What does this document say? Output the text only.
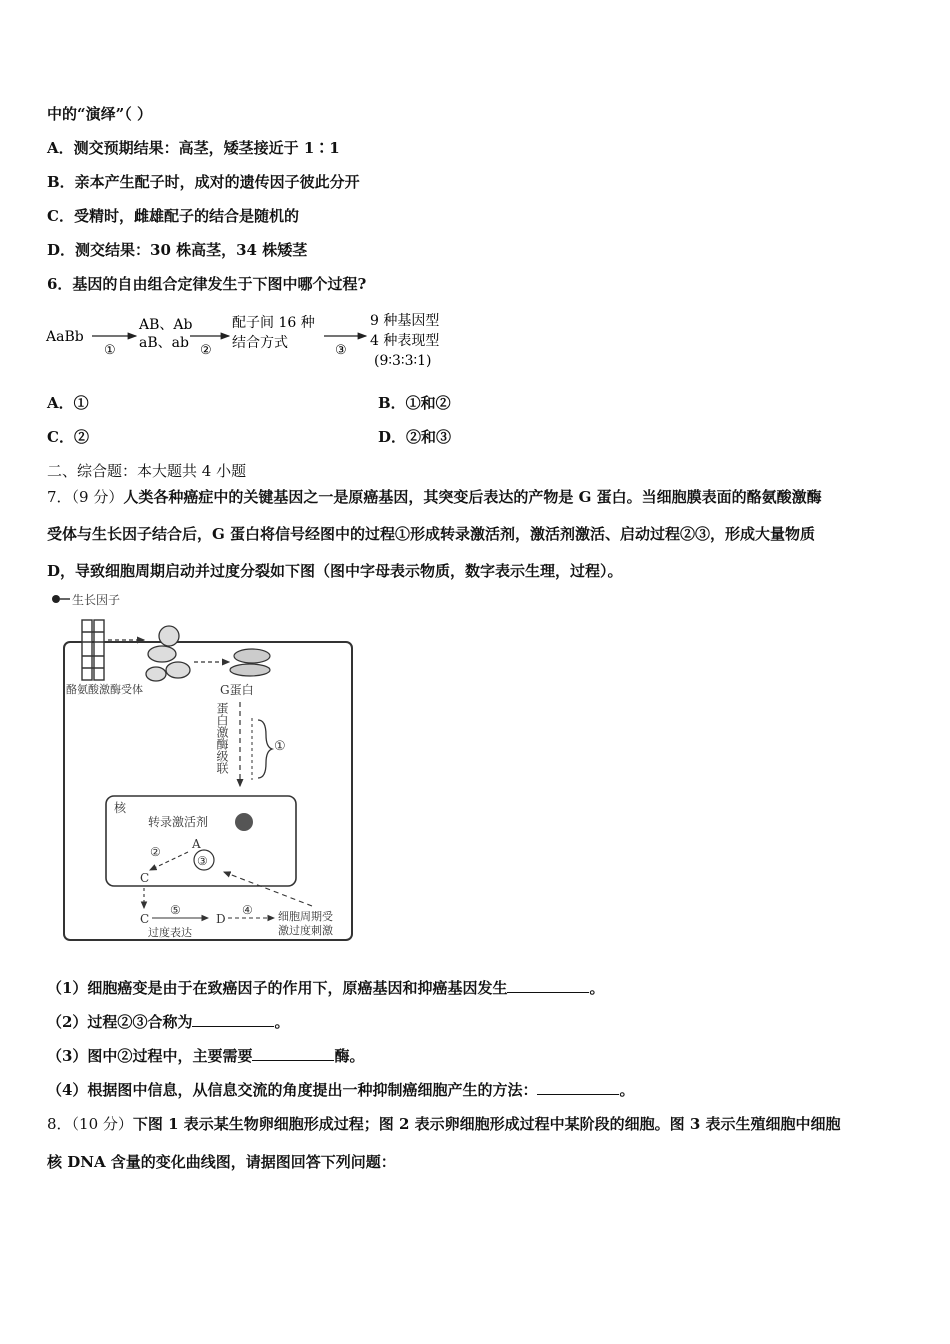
中的“演绎”（ ）
A．测交预期结果：高茎，矮茎接近于 1∶1
B．亲本产生配子时，成对的遗传因子彼此分开
C．受精时，雌雄配子的结合是随机的
D．测交结果：30 株高茎，34 株矮茎
6．基因的自由组合定律发生于下图中哪个过程?
AaBb
①
AB、Ab
aB、ab ②
配子间 16 种
结合方式	③
9 种基因型
4 种表现型
(9∶3∶3∶1)
A．①	B．①和②
C．②	D．②和③
二、综合题：本大题共 4 小题
7．（9 分）人类各种癌症中的关键基因之一是原癌基因，其突变后表达的产物是 G 蛋白。当细胞膜表面的酪氨酸激酶
受体与生长因子结合后，G 蛋白将信号经图中的过程①形成转录激活剂，激活剂激活、启动过程②③，形成大量物质
D，导致细胞周期启动并过度分裂如下图（图中字母表示物质，数字表示生理，过程）。
生长因子
酪氨酸激酶受体	G蛋白
蛋白激酶级联	①
核
转录激活剂
A
③
②
C
C
⑤
过度表达
D
④ 细胞周期受
激过度刺激
（1）细胞癌变是由于在致癌因子的作用下，原癌基因和抑癌基因发生	。
（2）过程②③合称为	。
（3）图中②过程中，主要需要	酶。
（4）根据图中信息，从信息交流的角度提出一种抑制癌细胞产生的方法：	。
8．（10 分）下图 1 表示某生物卵细胞形成过程；图 2 表示卵细胞形成过程中某阶段的细胞。图 3 表示生殖细胞中细胞
核 DNA 含量的变化曲线图，请据图回答下列问题：
